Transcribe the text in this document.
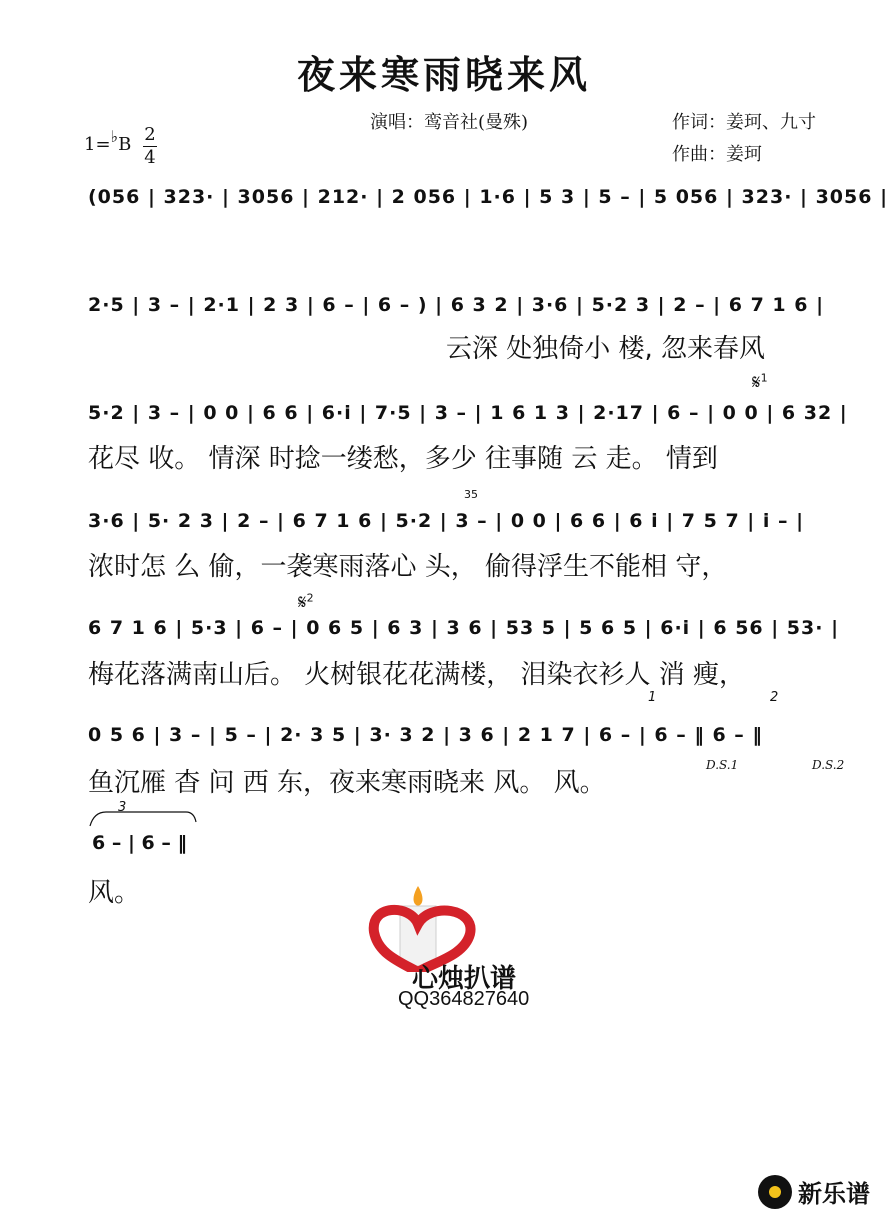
夜来寒雨晓来风
演唱：鸾音社(曼殊)	作词：姜珂、九寸
作曲：姜珂
1=♭B 2
4
(056 | 323· | 3056 | 212· | 2 056 | 1·6 | 5 3 | 5 – | 5 056 | 323· | 3056 |
2·5 | 3 – | 2·1 | 2 3 | 6 – | 6 – ) | 6 3 2 | 3·6 | 5·2 3 | 2 – | 6 7 1 6 |
云深 处独倚小 楼, 忽来春风
𝄋$^1$
5·2 | 3 – | 0 0 | 6 6 | 6·i | 7·5 | 3 – | 1 6 1 3 | 2·17 | 6 – | 0 0 | 6 32 |
花尽 收。 情深 时捻一缕愁，多少 往事随 云 走。 情到
35
3·6 | 5· 2 3 | 2 – | 6 7 1 6 | 5·2 | 3 – | 0 0 | 6 6 | 6 i | 7 5 7 | i – |
浓时怎 么 偷，一袭寒雨落心 头， 偷得浮生不能相 守，
𝄋$^2$
6 7 1 6 | 5·3 | 6 – | 0 6 5 | 6 3 | 3 6 | 53 5 | 5 6 5 | 6·i | 6 56 | 53· |
梅花落满南山后。 火树银花花满楼， 泪染衣衫人 消 瘦，
1	2
0 5 6 | 3 – | 5 – | 2· 3 5 | 3· 3 2 | 3 6 | 2 1 7 | 6 – | 6 – ‖ 6 – ‖
D.S.1	D.S.2
鱼沉雁 杳 问 西 东，夜来寒雨晓来 风。 风。
3
6 – | 6 – ‖
风。
心烛扒谱
QQ364827640
新乐谱
